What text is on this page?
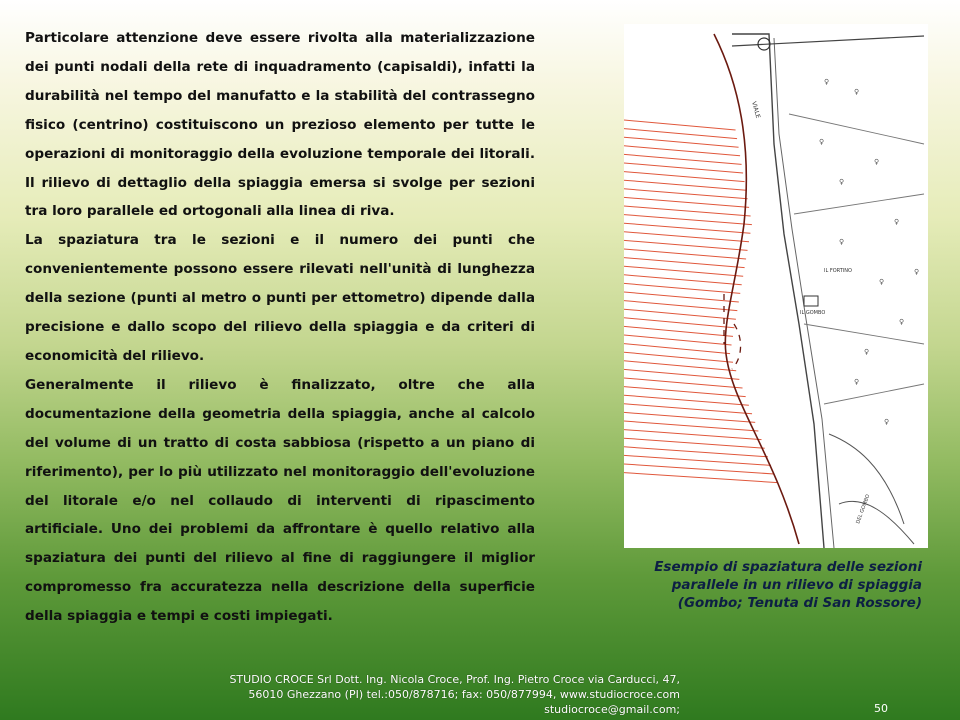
Particolare attenzione deve essere rivolta alla materializzazione dei punti nodali della rete di inquadramento (capisaldi), infatti la durabilità nel tempo del manufatto e la stabilità del contrassegno fisico (centrino) costituiscono un prezioso elemento per tutte le operazioni di monitoraggio della evoluzione temporale dei litorali. Il rilievo di dettaglio della spiaggia emersa si svolge per sezioni tra loro parallele ed ortogonali alla linea di riva.

La spaziatura tra le sezioni e il numero dei punti che convenientemente possono essere rilevati nell'unità di lunghezza della sezione (punti al metro o punti per ettometro) dipende dalla precisione e dallo scopo del rilievo della spiaggia e da criteri di economicità del rilievo.

Generalmente il rilievo è finalizzato, oltre che alla documentazione della geometria della spiaggia, anche al calcolo del volume di un tratto di costa sabbiosa (rispetto a un piano di riferimento), per lo più utilizzato nel monitoraggio dell'evoluzione del litorale e/o nel collaudo di interventi di ripascimento artificiale. Uno dei problemi da affrontare è quello relativo alla spaziatura dei punti del rilievo al fine di raggiungere il miglior compromesso fra accuratezza nella descrizione della superficie della spiaggia e tempi e costi impiegati.

♀
♀
♀
♀
♀
♀
♀
♀
♀
♀
♀
♀
♀
VIALE
IL FORTINO
IL GOMBO
DEL GOMBO
Esempio di spaziatura delle sezioni
parallele in un rilievo di spiaggia
(Gombo; Tenuta di San Rossore)
STUDIO CROCE Srl Dott. Ing. Nicola Croce, Prof. Ing. Pietro Croce via Carducci, 47,
56010 Ghezzano (PI) tel.:050/878716; fax: 050/877994, www.studiocroce.com
studiocroce@gmail.com;	50
